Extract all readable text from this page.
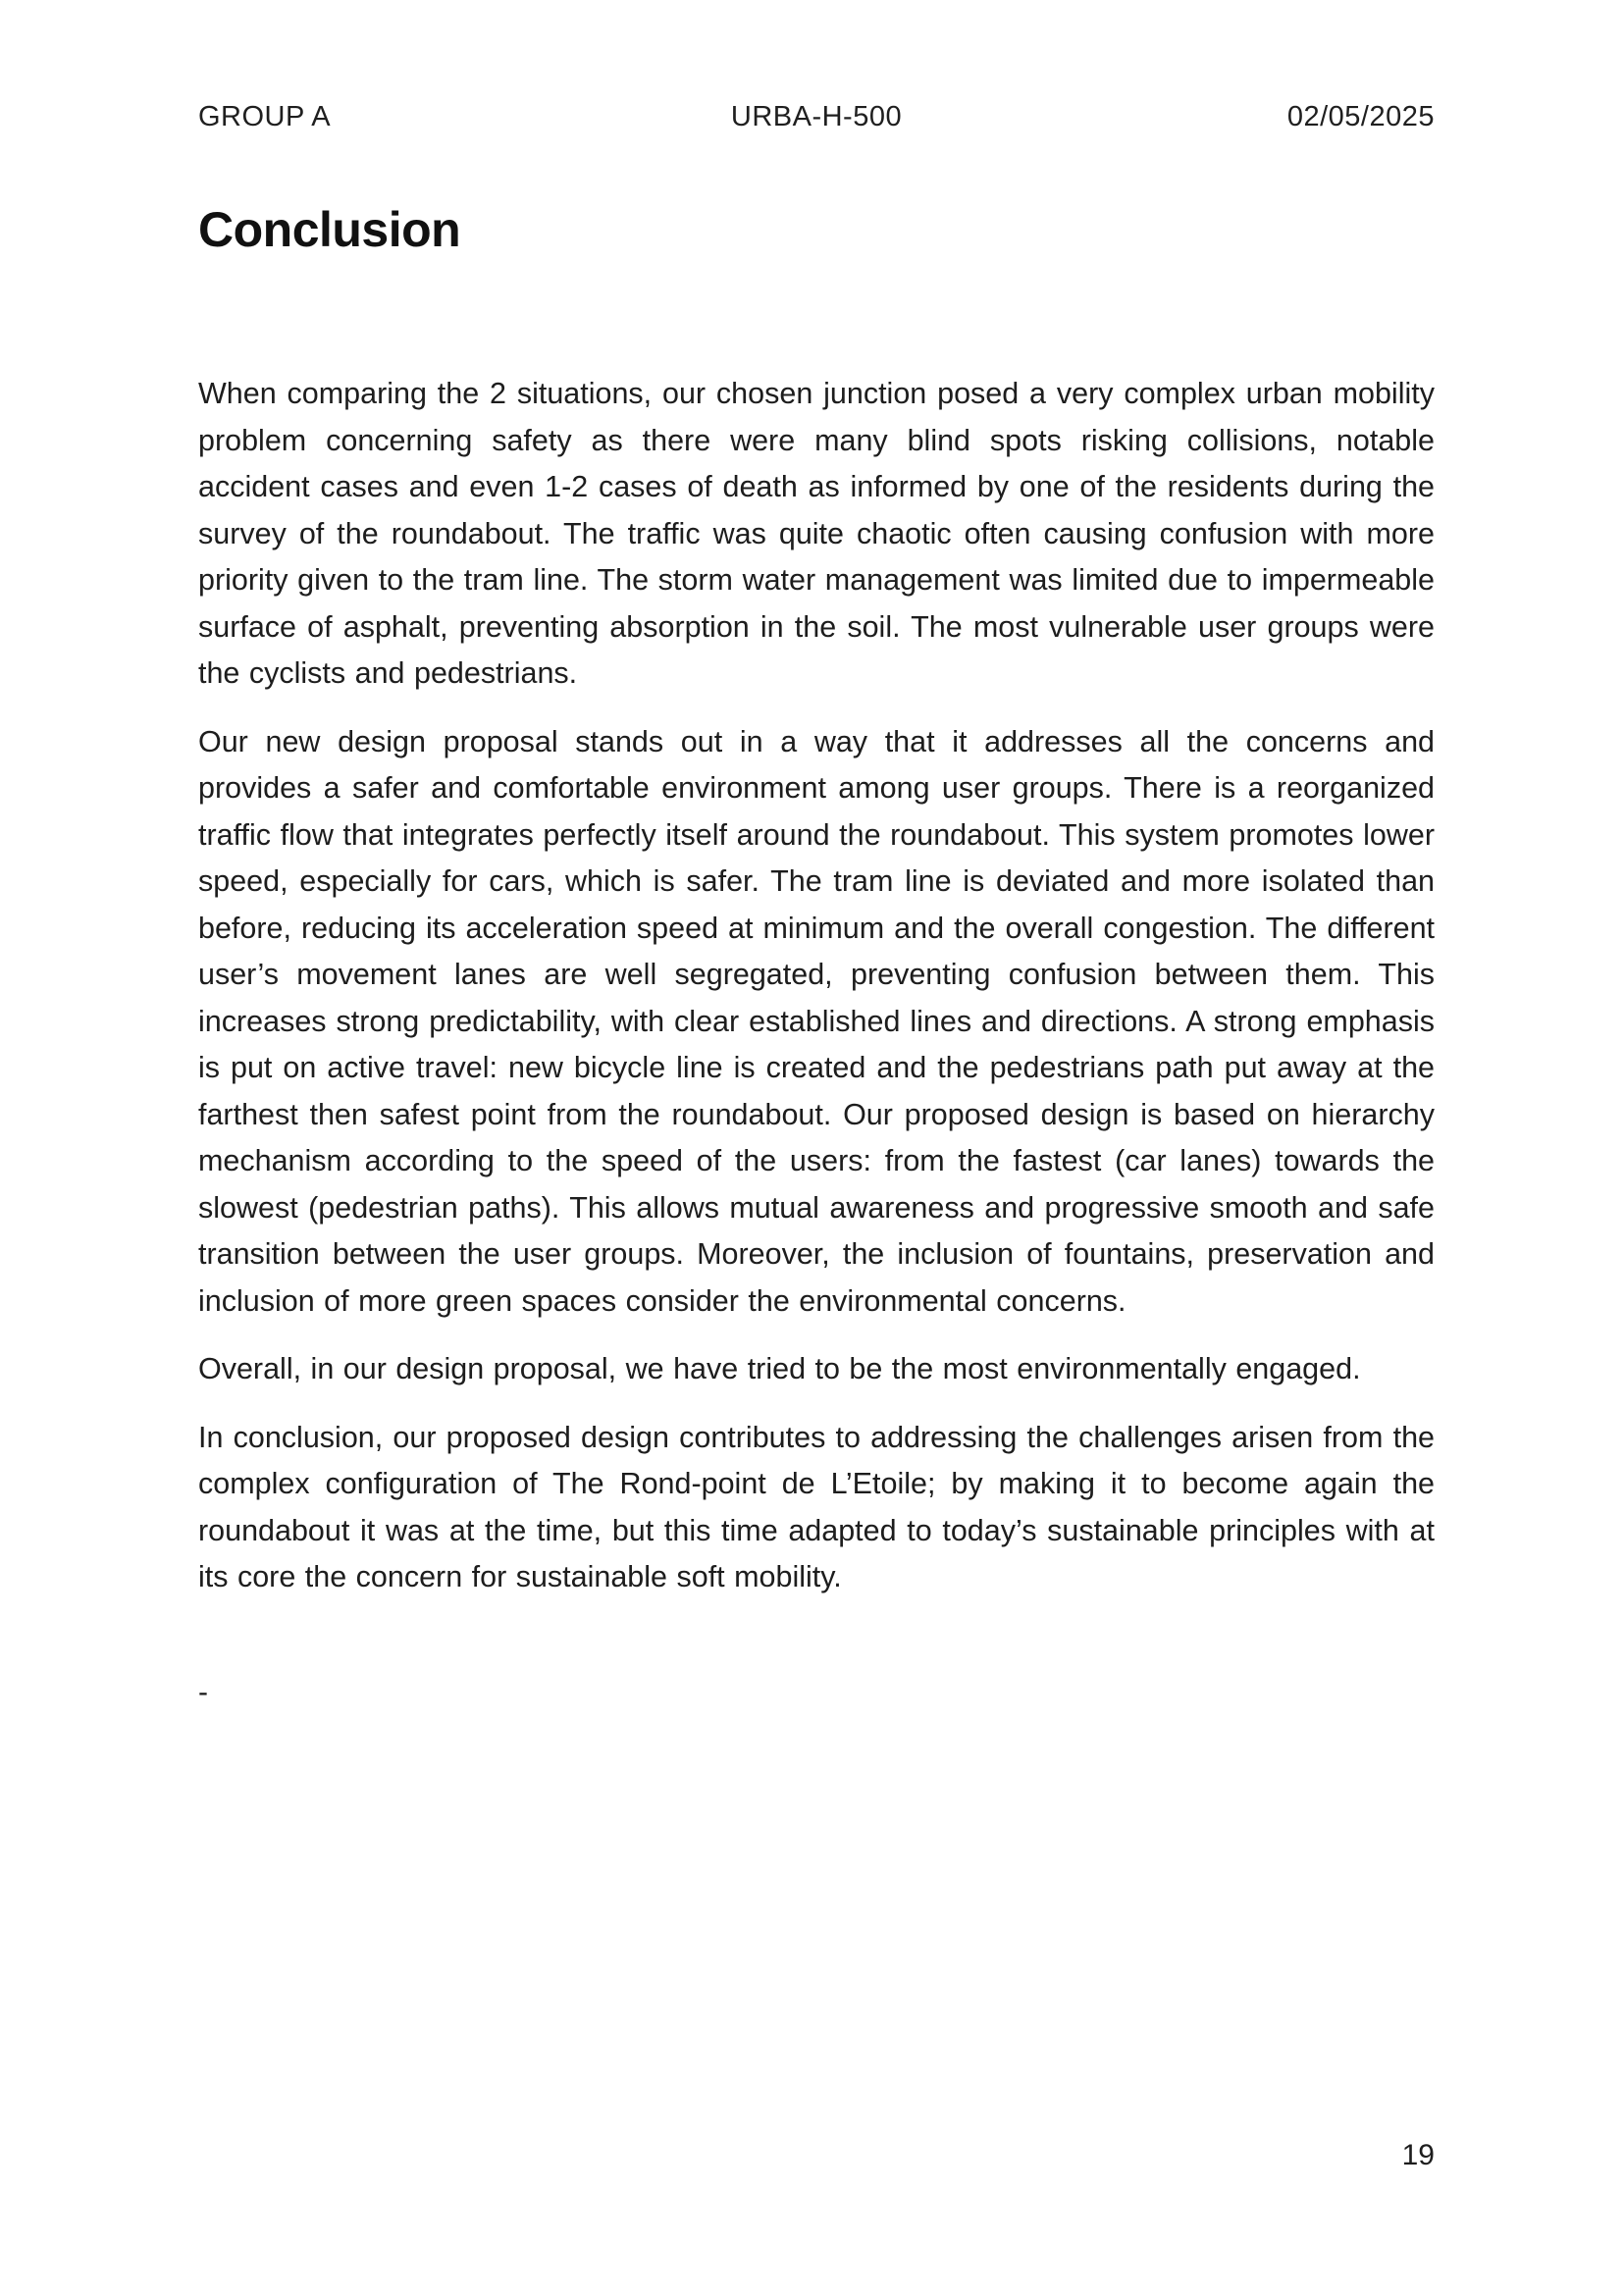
GROUP A	URBA-H-500	02/05/2025
Conclusion

When comparing the 2 situations, our chosen junction posed a very complex urban mobility problem concerning safety as there were many blind spots risking collisions, notable accident cases and even 1-2 cases of death as informed by one of the residents during the survey of the roundabout. The traffic was quite chaotic often causing confusion with more priority given to the tram line. The storm water management was limited due to impermeable surface of asphalt, preventing absorption in the soil. The most vulnerable user groups were the cyclists and pedestrians.

Our new design proposal stands out in a way that it addresses all the concerns and provides a safer and comfortable environment among user groups. There is a reorganized traffic flow that integrates perfectly itself around the roundabout. This system promotes lower speed, especially for cars, which is safer. The tram line is deviated and more isolated than before, reducing its acceleration speed at minimum and the overall congestion. The different user’s movement lanes are well segregated, preventing confusion between them. This increases strong predictability, with clear established lines and directions. A strong emphasis is put on active travel: new bicycle line is created and the pedestrians path put away at the farthest then safest point from the roundabout. Our proposed design is based on hierarchy mechanism according to the speed of the users: from the fastest (car lanes) towards the slowest (pedestrian paths). This allows mutual awareness and progressive smooth and safe transition between the user groups. Moreover, the inclusion of fountains, preservation and inclusion of more green spaces consider the environmental concerns.

Overall, in our design proposal, we have tried to be the most environmentally engaged.

In conclusion, our proposed design contributes to addressing the challenges arisen from the complex configuration of The Rond-point de L’Etoile; by making it to become again the roundabout it was at the time, but this time adapted to today’s sustainable principles with at its core the concern for sustainable soft mobility.

-
19
